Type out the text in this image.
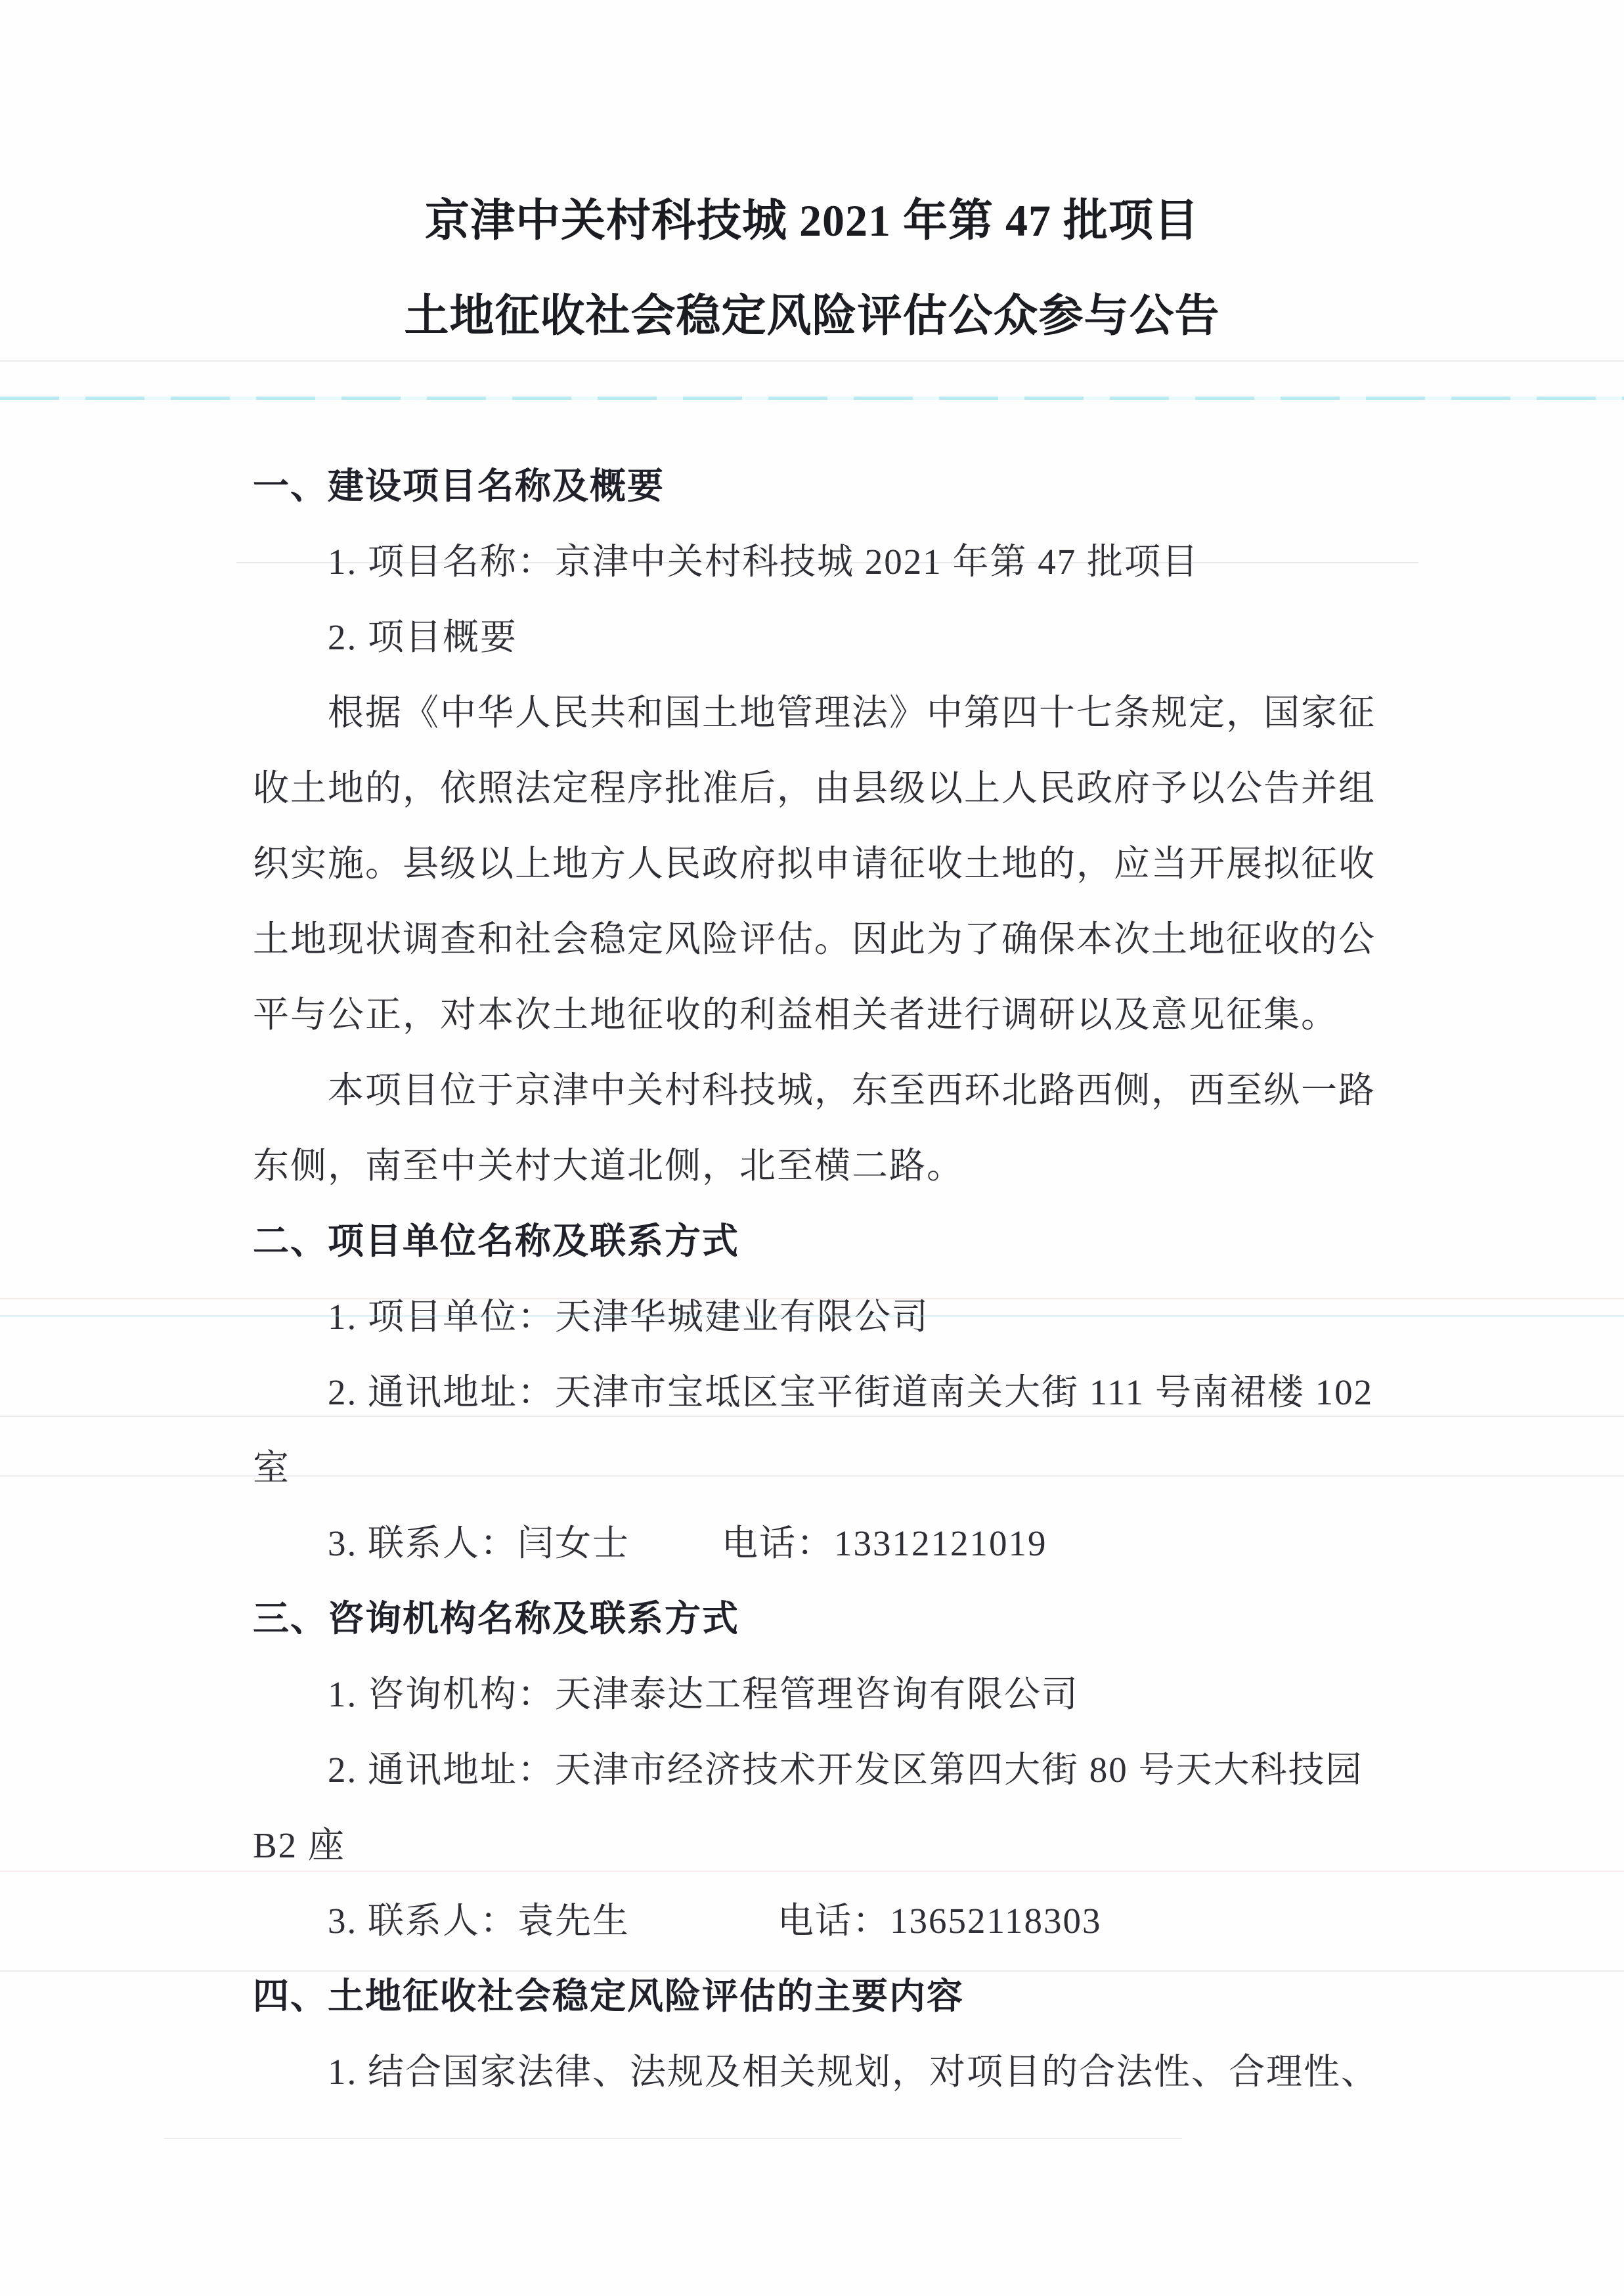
京津中关村科技城 2021 年第 47 批项目
土地征收社会稳定风险评估公众参与公告
一、建设项目名称及概要
1. 项目名称：京津中关村科技城 2021 年第 47 批项目
2. 项目概要
根据《中华人民共和国土地管理法》中第四十七条规定，国家征
收土地的，依照法定程序批准后，由县级以上人民政府予以公告并组
织实施。县级以上地方人民政府拟申请征收土地的，应当开展拟征收
土地现状调查和社会稳定风险评估。因此为了确保本次土地征收的公
平与公正，对本次土地征收的利益相关者进行调研以及意见征集。
本项目位于京津中关村科技城，东至西环北路西侧，西至纵一路
东侧，南至中关村大道北侧，北至横二路。
二、项目单位名称及联系方式
1. 项目单位：天津华城建业有限公司
2. 通讯地址：天津市宝坻区宝平街道南关大街 111 号南裙楼 102
室
3. 联系人：闫女士	电话：13312121019
三、咨询机构名称及联系方式
1. 咨询机构：天津泰达工程管理咨询有限公司
2. 通讯地址：天津市经济技术开发区第四大街 80 号天大科技园
B2 座
3. 联系人：袁先生	电话：13652118303
四、土地征收社会稳定风险评估的主要内容
1. 结合国家法律、法规及相关规划，对项目的合法性、合理性、
